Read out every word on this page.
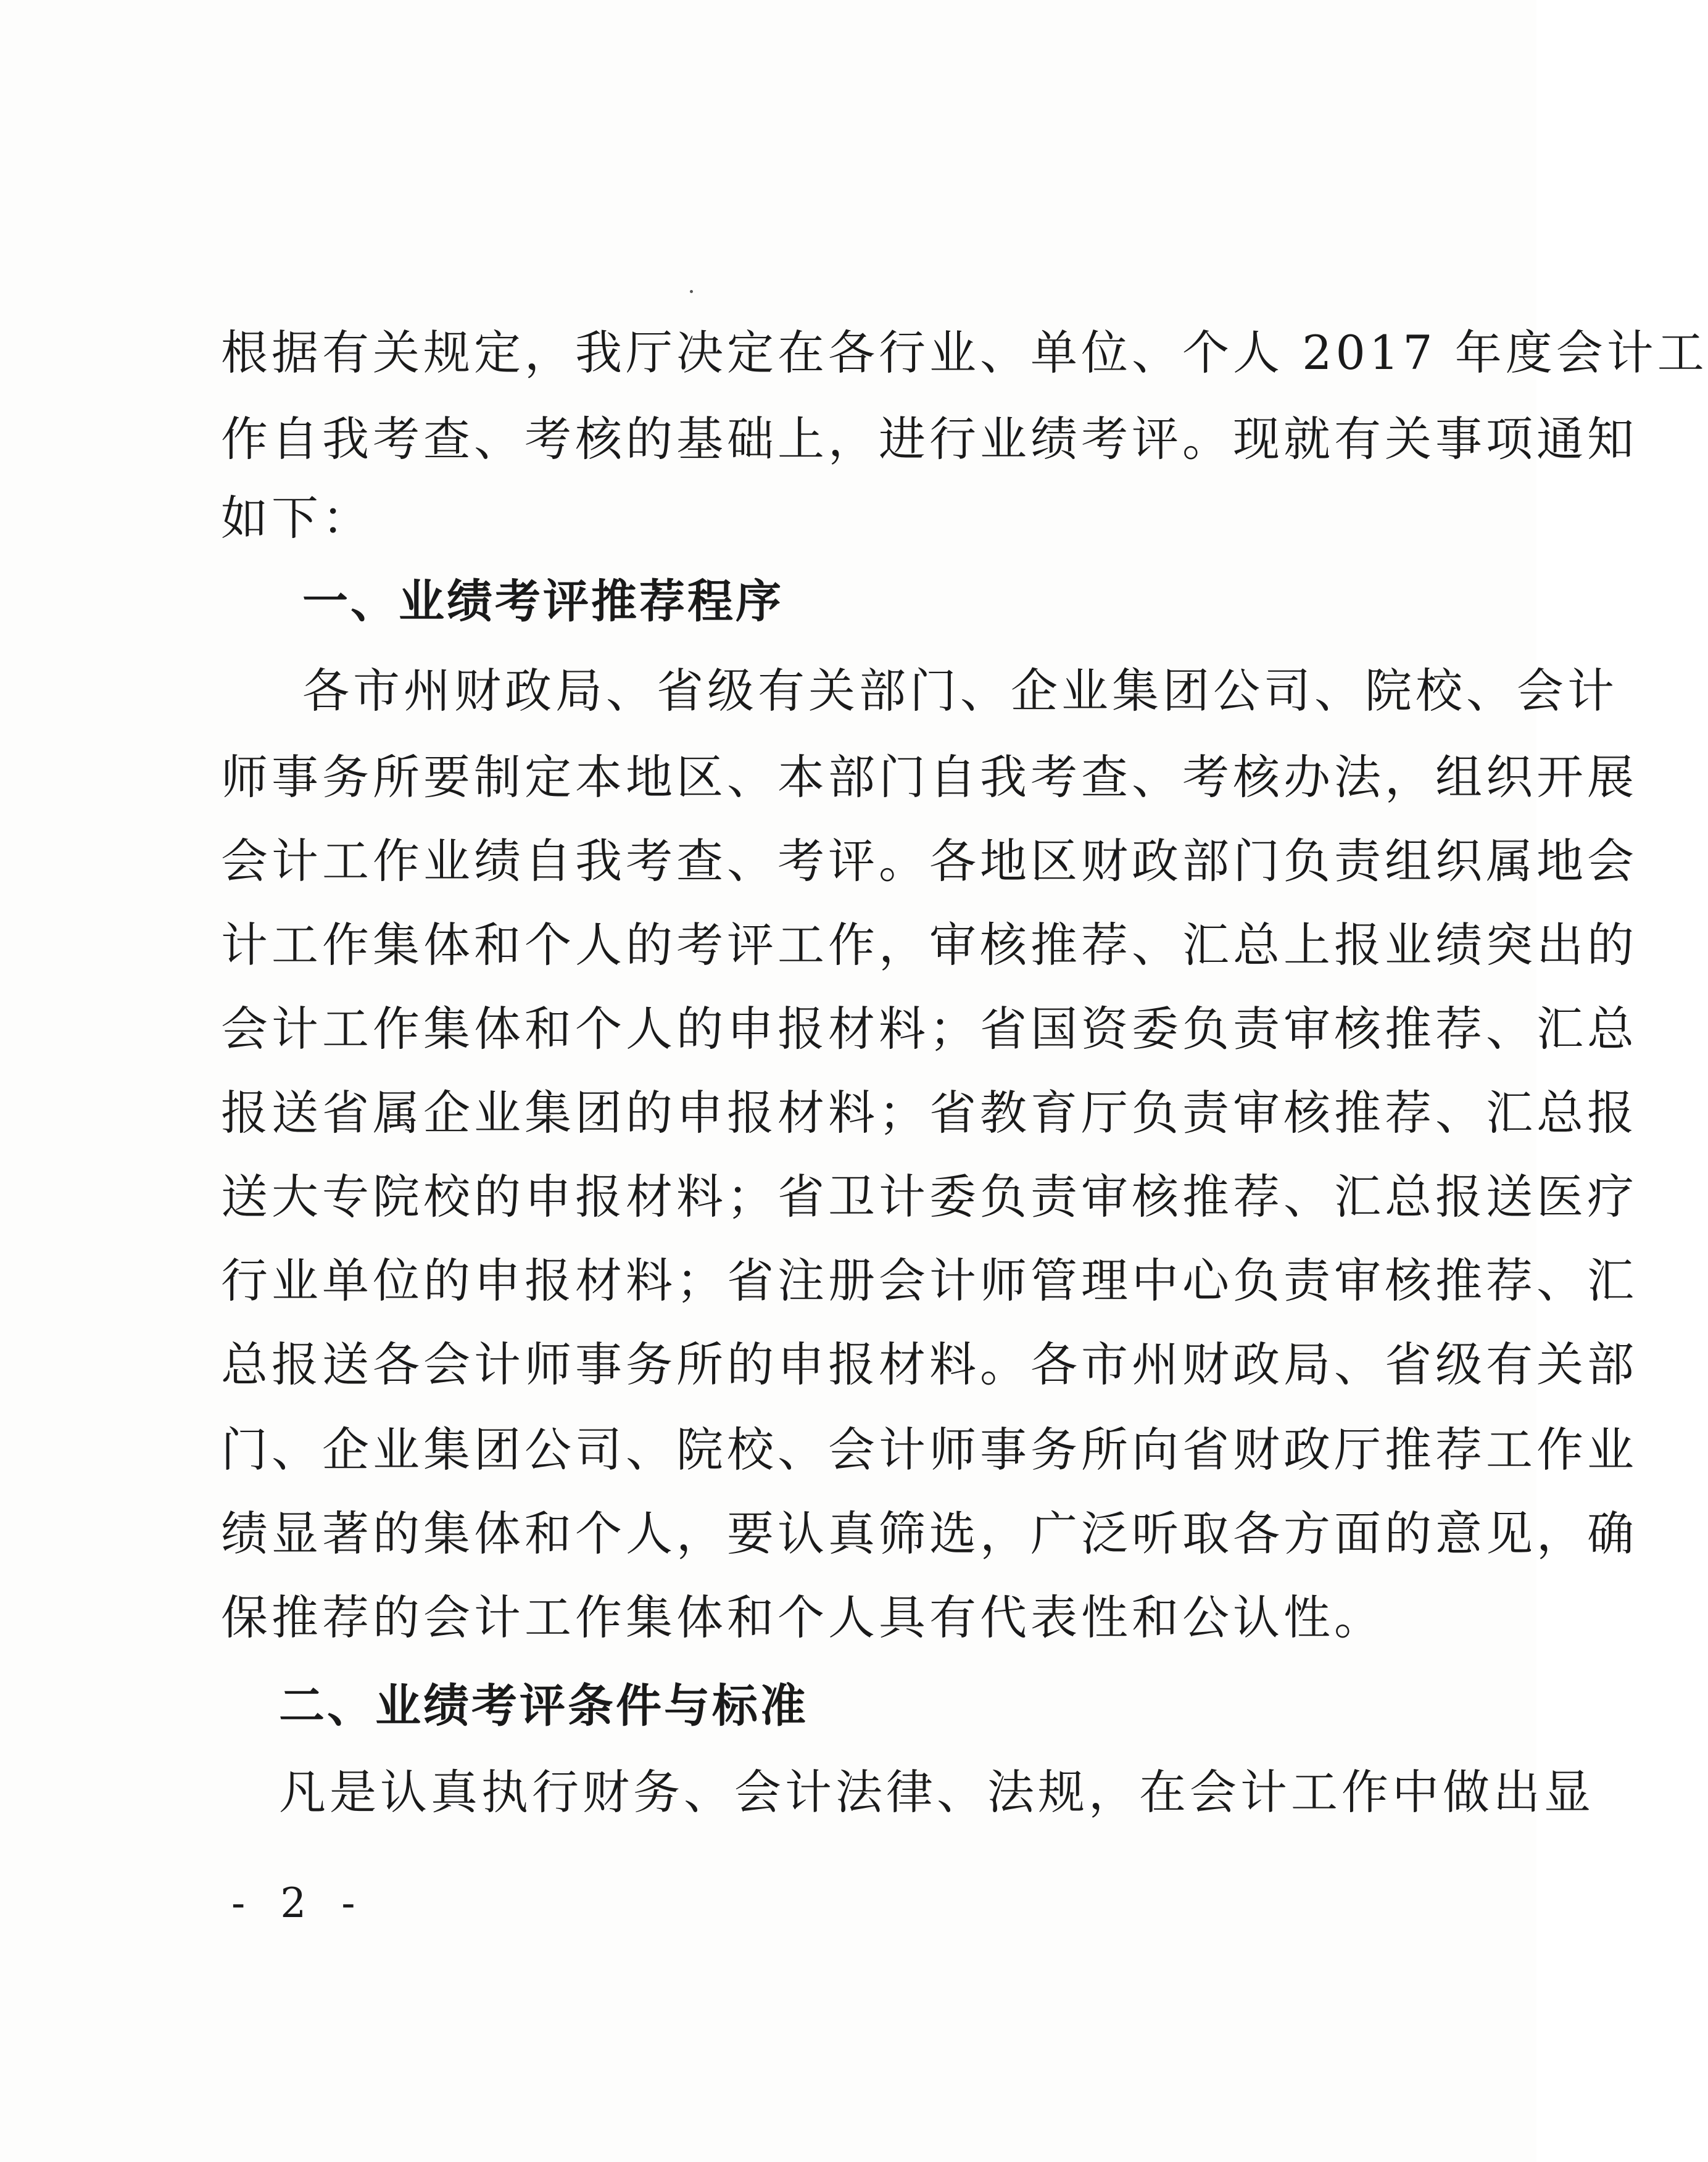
根据有关规定，我厅决定在各行业、单位、个人 2017 年度会计工
作自我考查、考核的基础上，进行业绩考评。现就有关事项通知
如下：
一、业绩考评推荐程序
各市州财政局、省级有关部门、企业集团公司、院校、会计
师事务所要制定本地区、本部门自我考查、考核办法，组织开展
会计工作业绩自我考查、考评。各地区财政部门负责组织属地会
计工作集体和个人的考评工作，审核推荐、汇总上报业绩突出的
会计工作集体和个人的申报材料；省国资委负责审核推荐、汇总
报送省属企业集团的申报材料；省教育厅负责审核推荐、汇总报
送大专院校的申报材料；省卫计委负责审核推荐、汇总报送医疗
行业单位的申报材料；省注册会计师管理中心负责审核推荐、汇
总报送各会计师事务所的申报材料。各市州财政局、省级有关部
门、企业集团公司、院校、会计师事务所向省财政厅推荐工作业
绩显著的集体和个人，要认真筛选，广泛听取各方面的意见，确
保推荐的会计工作集体和个人具有代表性和公认性。
二、业绩考评条件与标准
凡是认真执行财务、会计法律、法规，在会计工作中做出显
- 2 -
